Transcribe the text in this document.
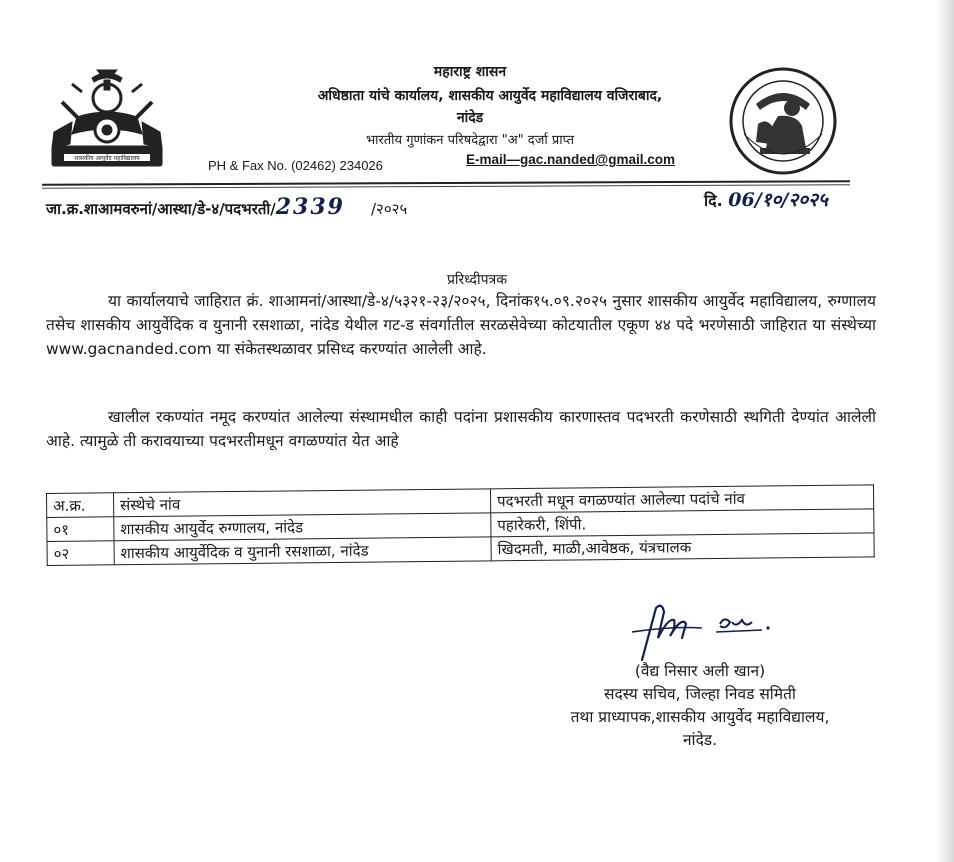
शासकीय आयुर्वेद महाविद्यालय
महाराष्ट्र शासन
अधिष्ठाता यांचे कार्यालय, शासकीय आयुर्वेद महाविद्यालय वजिराबाद,
नांदेड
भारतीय गुणांकन परिषदेद्वारा "अ" दर्जा प्राप्त
PH & Fax No. (02462) 234026	E-mail—gac.nanded@gmail.com
जा.क्र.शाआमवरुनां/आस्था/डे-४/पदभरती/2339 /२०२५	दि. 06/१०/२०२५
प्ररिध्दीपत्रक
या कार्यालयाचे जाहिरात क्रं. शाआमनां/आस्था/डे-४/५३२१-२३/२०२५, दिनांक१५.०९.२०२५ नुसार शासकीय आयुर्वेद महाविद्यालय, रुग्णालय तसेच शासकीय आयुर्वेदिक व युनानी रसशाळा, नांदेड येथील गट-ड संवर्गातील सरळसेवेच्या कोटयातील एकूण ४४ पदे भरणेसाठी जाहिरात या संस्थेच्या www.gacnanded.com या संकेतस्थळावर प्रसिध्द करण्यांत आलेली आहे.
खालील रकण्यांत नमूद करण्यांत आलेल्या संस्थामधील काही पदांना प्रशासकीय कारणास्तव पदभरती करणेसाठी स्थगिती देण्यांत आलेली आहे. त्यामुळे ती करावयाच्या पदभरतीमधून वगळण्यांत येत आहे
अ.क्र.	संस्थेचे नांव	पदभरती मधून वगळण्यांत आलेल्या पदांचे नांव
०१	शासकीय आयुर्वेद रुग्णालय, नांदेड	पहारेकरी, शिंपी.
०२	शासकीय आयुर्वेदिक व युनानी रसशाळा, नांदेड	खिदमती, माळी,आवेष्ठक, यंत्रचालक
(वैद्य निसार अली खान)
सदस्य सचिव, जिल्हा निवड समिती
तथा प्राध्यापक,शासकीय आयुर्वेद महाविद्यालय,
नांदेड.
